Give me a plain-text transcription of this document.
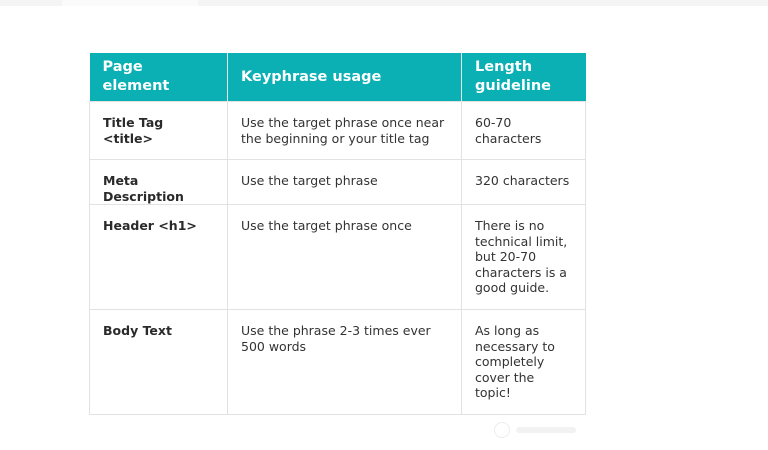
Page element	Keyphrase usage	Length guideline
Title Tag <title>	Use the target phrase once near the beginning or your title tag	60-70 characters
Meta Description	Use the target phrase	320 characters
Header <h1>	Use the target phrase once	There is no technical limit, but 20-70 characters is a good guide.
Body Text	Use the phrase 2-3 times ever 500 words	As long as necessary to completely cover the topic!
